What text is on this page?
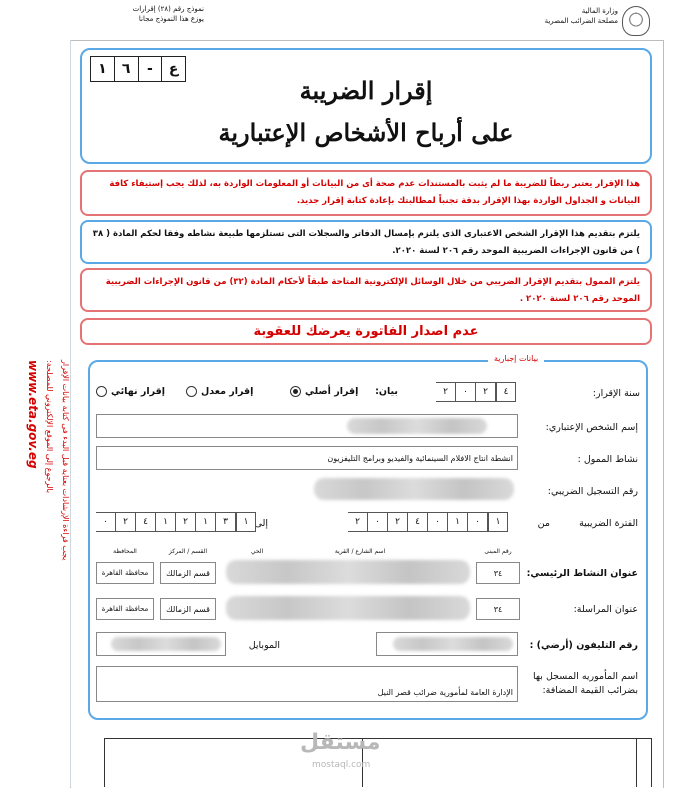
نموذج رقم (٢٨) إقرارات
يوزع هذا النموذج مجانا
وزارة المالية
مصلحة الضرائب المصرية
ع
-
٦
١
إقرار الضريبة
على أرباح الأشخاص الإعتبارية
هذا الإقرار يعتبر ربطاً للضريبة ما لم يثبت بالمستندات عدم صحة أى من البيانات أو المعلومات الواردة به، لذلك يجب إستيفاء كافة البيانات و الجداول الواردة بهذا الإقرار بدقة تجنباً لمطالبتك بإعادة كتابة إقرار جديد.
يلتزم بتقديم هذا الإقرار الشخص الاعتبارى الذى يلتزم بإمسال الدفاتر والسجلات التى تستلزمها طبيعة نشاطه وفقا لحكم المادة ( ٣٨ ) من قانون الإجراءات الضريبية الموحد رقم ٢٠٦ لسنة ٢٠٢٠.
يلتزم الممول بتقديم الإقرار الضريبي من خلال الوسائل الإلكترونية المتاحة طبقاً لأحكام المادة (٣٢) من قانون الإجراءات الضريبية الموحد رقم ٢٠٦ لسنة ٢٠٢٠ .
عدم اصدار الفاتورة يعرضك للعقوبة
بيانات إجبارية
سنة الإقرار:
٤
٢
٠
٢
بيان:
إقرار أصلي
إقرار معدل
إقرار نهائي
إسم الشخص الإعتباري:
نشاط الممول :
انشطة انتاج الافلام السينمائية والفيديو وبرامج التليفزيون
رقم التسجيل الضريبي:
الفترة الضريبية
من
١
٠
١
٠
٤
٢
٠
٢
إلى
١
٣
١
٢
١
٤
٢
٠
رقم المبنى
اسم الشارع / القرية
الحي
القسم / المركز
المحافظة
عنوان النشاط الرئيسي:
٣٤
قسم الزمالك
محافظة القاهرة
عنوان المراسلة:
٣٤
قسم الزمالك
محافظة القاهرة
رقم التليفون (أرضي) :
الموبايل
اسم المأموريه المسجل بها بضرائب القيمة المضافة:
الإدارة العامة لمأمورية ضرائب قصر النيل
يجب قراءة الإرشادات بعناية قبل البدء فى كتابة بيانات الإقرار
بالرجوع إلى الموقع الإلكتروني للمصلحة:
www.eta.gov.eg
مستقل
mostaql.com
